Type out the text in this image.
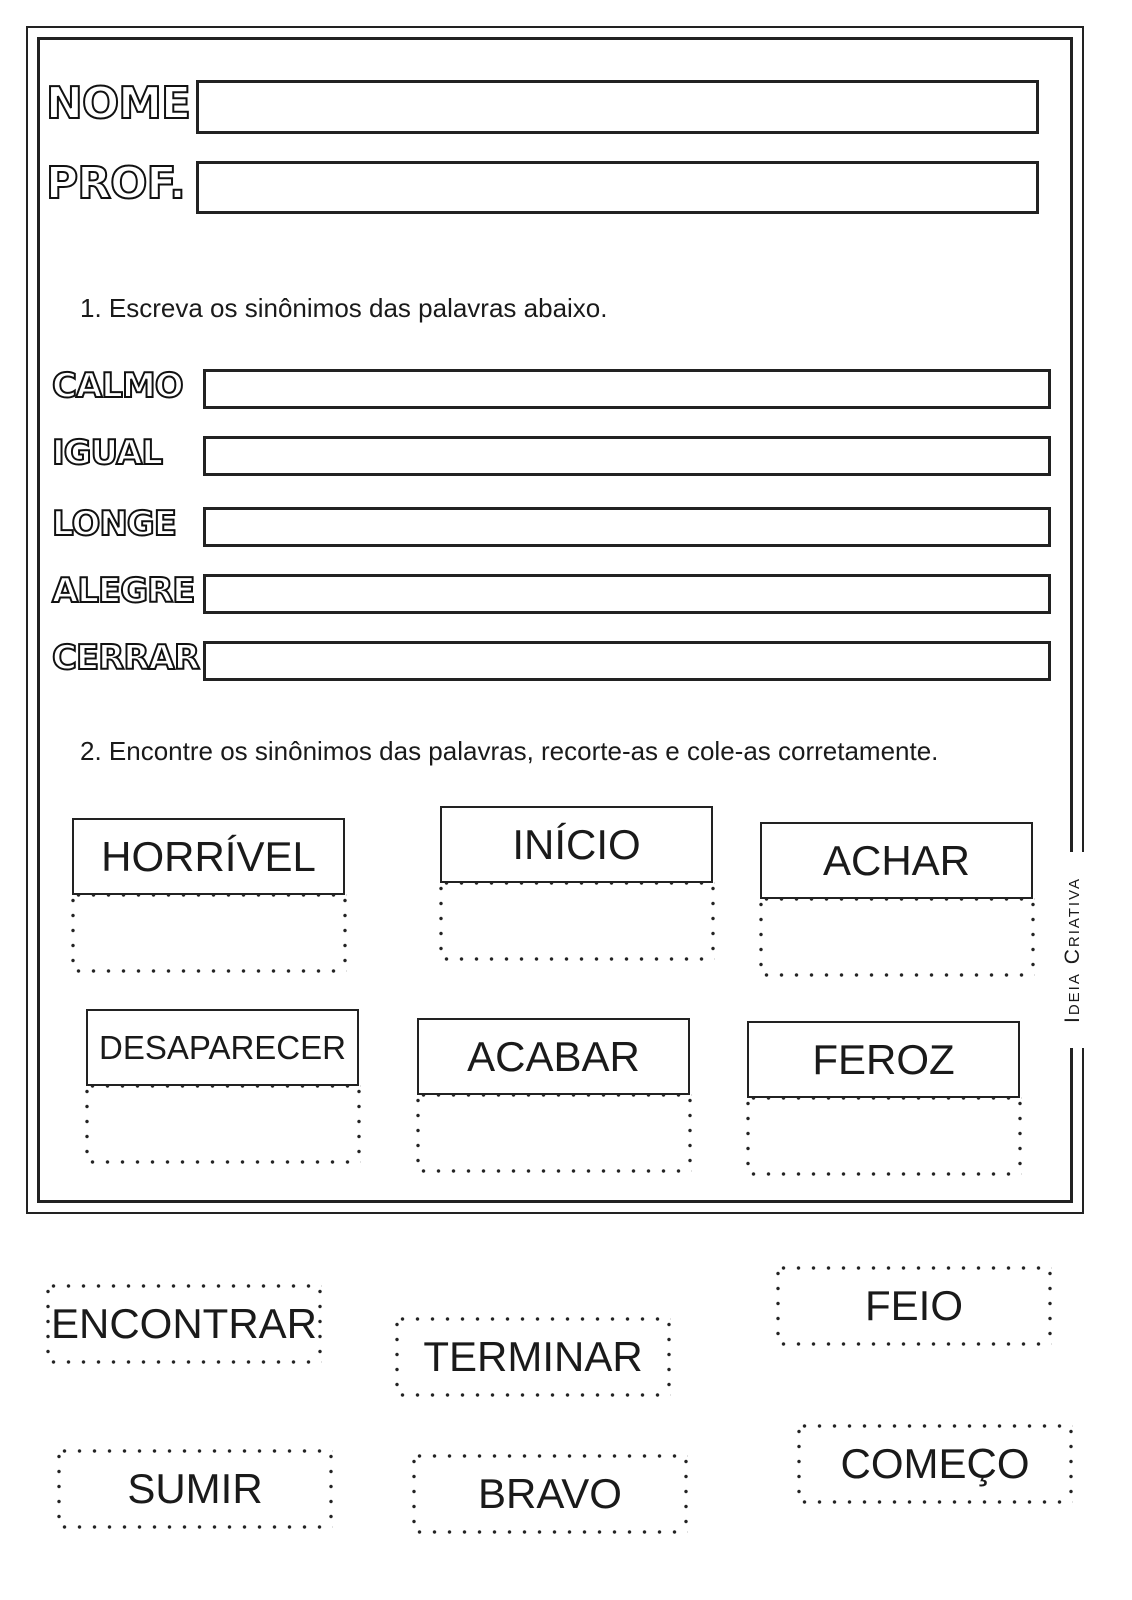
Ideia Criativa
NOME
PROF.
1. Escreva os sinônimos das palavras abaixo.
CALMO
IGUAL
LONGE
ALEGRE
CERRAR
2. Encontre os sinônimos das palavras, recorte-as e cole-as corretamente.
HORRÍVEL	INÍCIO	ACHAR
DESAPARECER	ACABAR	FEROZ
ENCONTRAR
TERMINAR
FEIO
SUMIR	BRAVO
COMEÇO
